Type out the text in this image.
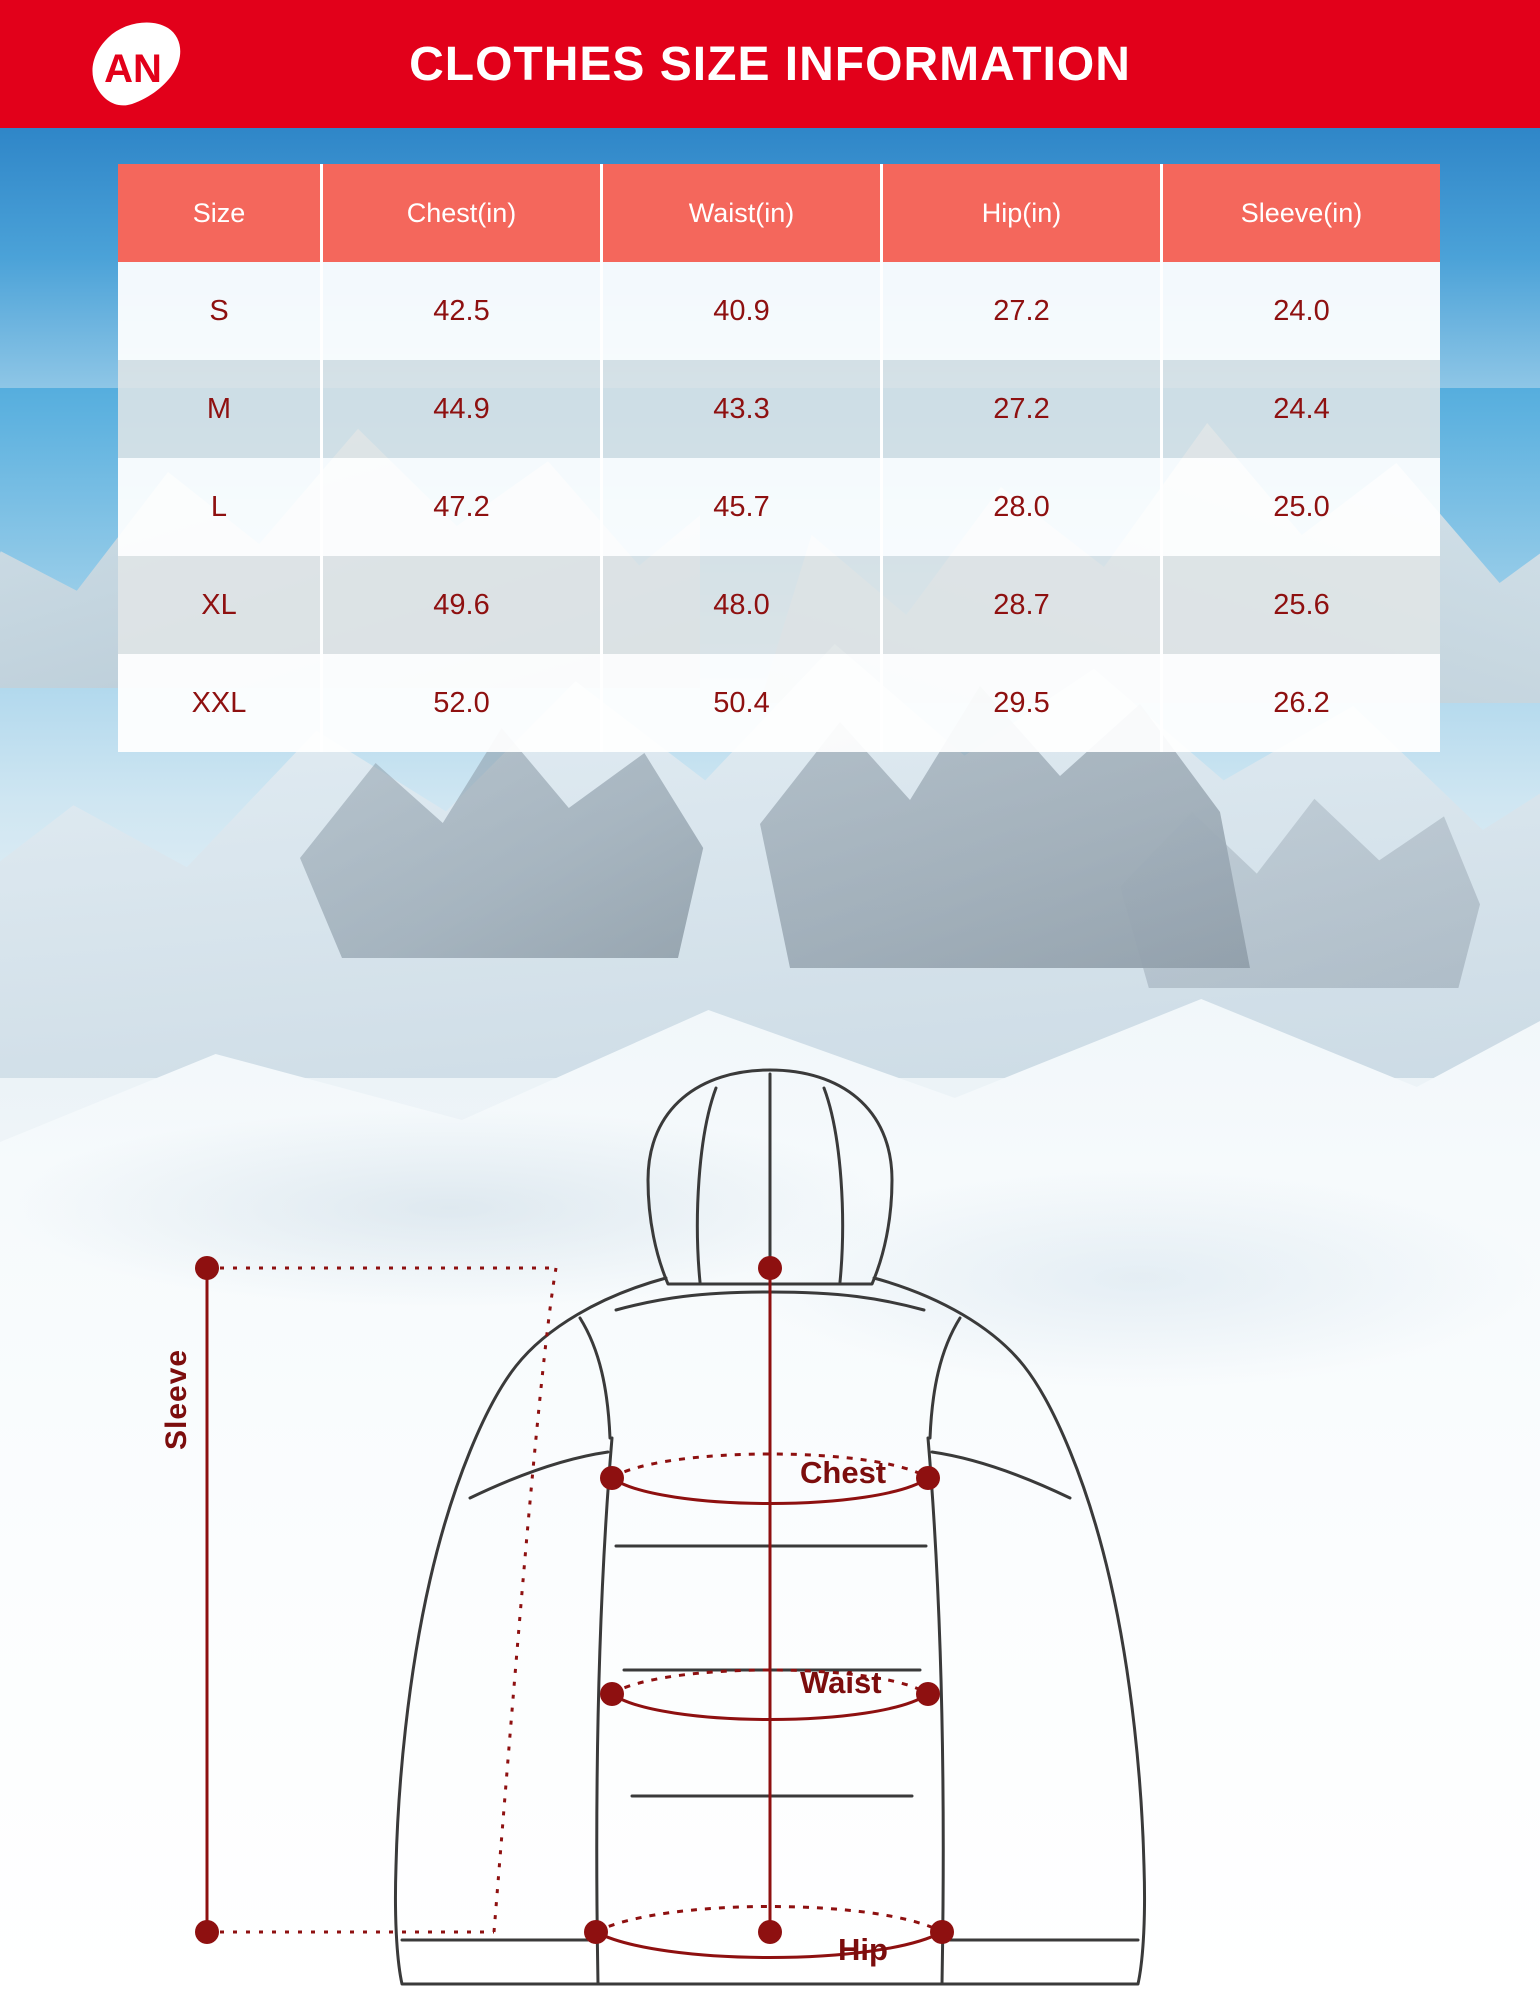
AN	CLOTHES SIZE INFORMATION
Size	Chest(in)	Waist(in)	Hip(in)	Sleeve(in)
S	42.5	40.9	27.2	24.0
M	44.9	43.3	27.2	24.4
L	47.2	45.7	28.0	25.0
XL	49.6	48.0	28.7	25.6
XXL	52.0	50.4	29.5	26.2
Sleeve
Chest
Waist
Hip
